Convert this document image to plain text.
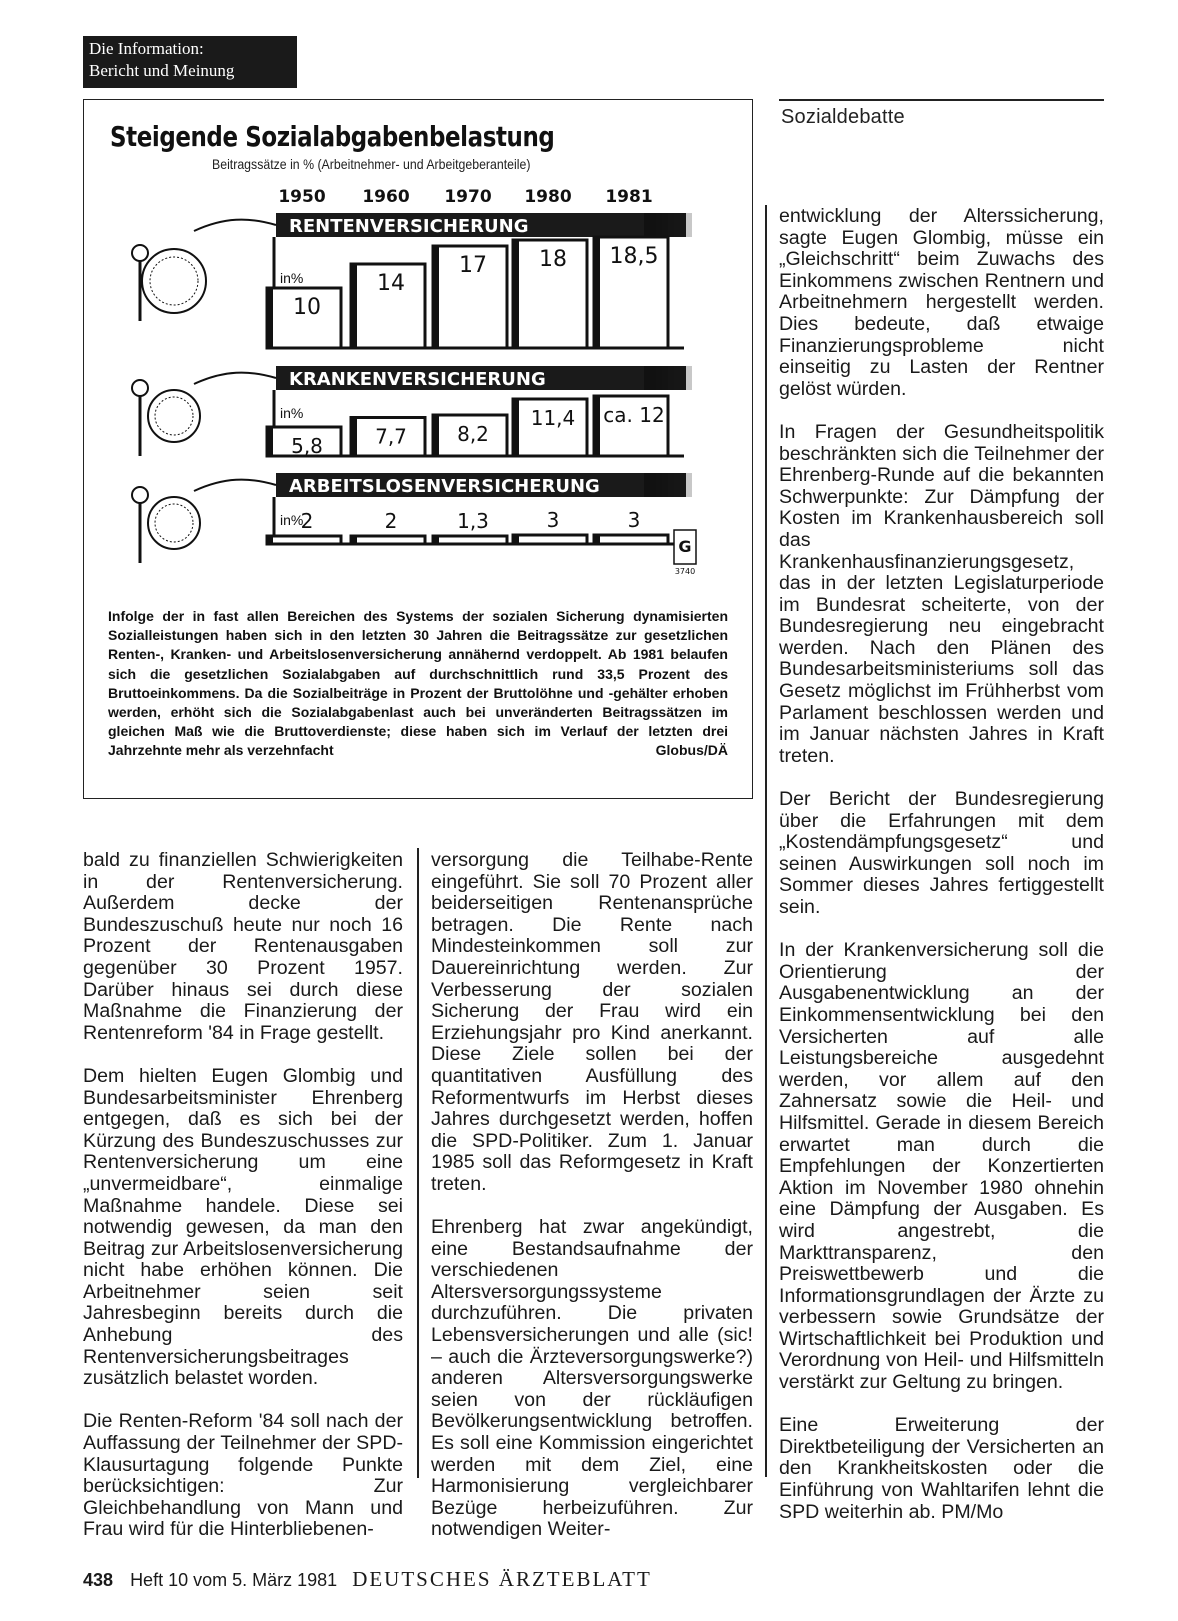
Die Information:
Bericht und Meinung
Steigende Sozialabgabenbelastung
Beitragssätze in % (Arbeitnehmer- und Arbeitgeberanteile)
1950 1960 1970 1980 1981
RENTENVERSICHERUNG
in%
10
14
17 18 18,5
KRANKENVERSICHERUNG
in%
5,8	7,7	8,2
11,4 ca. 12
ARBEITSLOSENVERSICHERUNG
in%
2	2	1,3	3	3
G
3740
Infolge der in fast allen Bereichen des Systems der sozialen Sicherung dynamisierten Sozialleistungen haben sich in den letzten 30 Jahren die Beitragssätze zur gesetzlichen Renten-, Kranken- und Arbeitslosenversicherung annähernd verdoppelt. Ab 1981 belaufen sich die gesetzlichen Sozialabgaben auf durchschnittlich rund 33,5 Prozent des Bruttoeinkommens. Da die Sozialbeiträge in Prozent der Bruttolöhne und -gehälter erhoben werden, erhöht sich die Sozialabgabenlast auch bei unveränderten Beitragssätzen im gleichen Maß wie die Bruttoverdienste; diese haben sich im Verlauf der letzten drei Jahrzehnte mehr als verzehnfacht	Globus/DÄ
Sozialdebatte

bald zu finanziellen Schwierigkeiten in der Rentenversicherung. Außerdem decke der Bundeszuschuß heute nur noch 16 Prozent der Rentenausgaben gegenüber 30 Prozent 1957. Darüber hinaus sei durch diese Maßnahme die Finanzierung der Rentenreform '84 in Frage gestellt.

Dem hielten Eugen Glombig und Bundesarbeitsminister Ehrenberg entgegen, daß es sich bei der Kürzung des Bundeszuschusses zur Rentenversicherung um eine „unvermeidbare“, einmalige Maßnahme handele. Diese sei notwendig gewesen, da man den Beitrag zur Arbeitslosenversicherung nicht habe erhöhen können. Die Arbeitnehmer seien seit Jahresbeginn bereits durch die Anhebung des Rentenversicherungsbeitrages zusätzlich belastet worden.

Die Renten-Reform '84 soll nach der Auffassung der Teilnehmer der SPD-Klausurtagung folgende Punkte berücksichtigen: Zur Gleichbehandlung von Mann und Frau wird für die Hinterbliebenen-

versorgung die Teilhabe-Rente eingeführt. Sie soll 70 Prozent aller beiderseitigen Rentenansprüche betragen. Die Rente nach Mindesteinkommen soll zur Dauereinrichtung werden. Zur Verbesserung der sozialen Sicherung der Frau wird ein Erziehungsjahr pro Kind anerkannt. Diese Ziele sollen bei der quantitativen Ausfüllung des Reformentwurfs im Herbst dieses Jahres durchgesetzt werden, hoffen die SPD-Politiker. Zum 1. Januar 1985 soll das Reformgesetz in Kraft treten.

Ehrenberg hat zwar angekündigt, eine Bestandsaufnahme der verschiedenen Altersversorgungssysteme durchzuführen. Die privaten Lebensversicherungen und alle (sic! – auch die Ärzteversorgungswerke?) anderen Altersversorgungswerke seien von der rückläufigen Bevölkerungsentwicklung betroffen. Es soll eine Kommission eingerichtet werden mit dem Ziel, eine Harmonisierung vergleichbarer Bezüge herbeizuführen. Zur notwendigen Weiter-

entwicklung der Alterssicherung, sagte Eugen Glombig, müsse ein „Gleichschritt“ beim Zuwachs des Einkommens zwischen Rentnern und Arbeitnehmern hergestellt werden. Dies bedeute, daß etwaige Finanzierungsprobleme nicht einseitig zu Lasten der Rentner gelöst würden.

In Fragen der Gesundheitspolitik beschränkten sich die Teilnehmer der Ehrenberg-Runde auf die bekannten Schwerpunkte: Zur Dämpfung der Kosten im Krankenhausbereich soll das Krankenhausfinanzierungsgesetz, das in der letzten Legislaturperiode im Bundesrat scheiterte, von der Bundesregierung neu eingebracht werden. Nach den Plänen des Bundesarbeitsministeriums soll das Gesetz möglichst im Frühherbst vom Parlament beschlossen werden und im Januar nächsten Jahres in Kraft treten.

Der Bericht der Bundesregierung über die Erfahrungen mit dem „Kostendämpfungsgesetz“ und seinen Auswirkungen soll noch im Sommer dieses Jahres fertiggestellt sein.

In der Krankenversicherung soll die Orientierung der Ausgabenentwicklung an der Einkommensentwicklung bei den Versicherten auf alle Leistungsbereiche ausgedehnt werden, vor allem auf den Zahnersatz sowie die Heil- und Hilfsmittel. Gerade in diesem Bereich erwartet man durch die Empfehlungen der Konzertierten Aktion im November 1980 ohnehin eine Dämpfung der Ausgaben. Es wird angestrebt, die Markttransparenz, den Preiswettbewerb und die Informationsgrundlagen der Ärzte zu verbessern sowie Grundsätze der Wirtschaftlichkeit bei Produktion und Verordnung von Heil- und Hilfsmitteln verstärkt zur Geltung zu bringen.

Eine Erweiterung der Direktbeteiligung der Versicherten an den Krankheitskosten oder die Einführung von Wahltarifen lehnt die SPD weiterhin ab. PM/Mo

438 Heft 10 vom 5. März 1981 DEUTSCHES ÄRZTEBLATT
